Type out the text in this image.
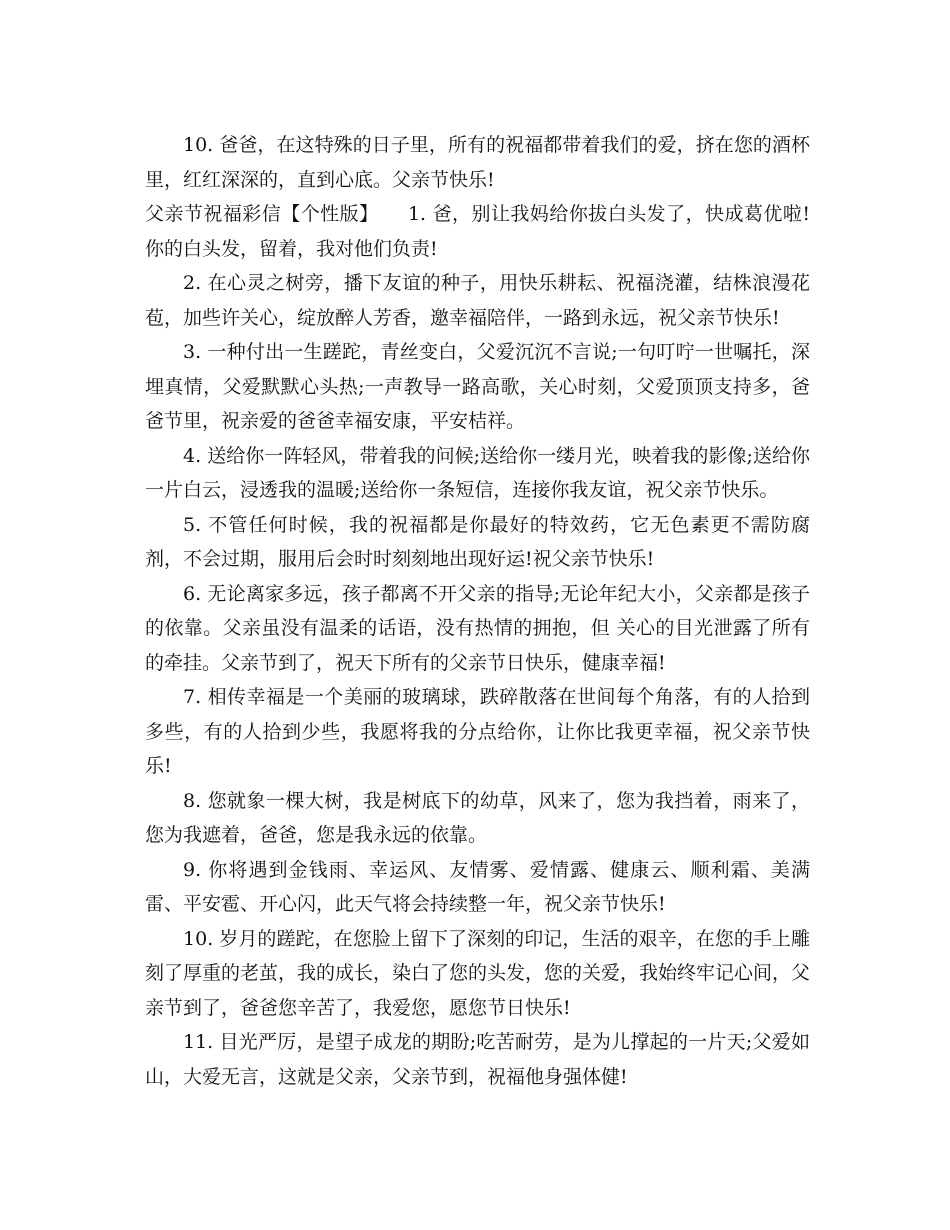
10. 爸爸，在这特殊的日子里，所有的祝福都带着我们的爱，挤在您的酒杯里，红红深深的，直到心底。父亲节快乐!

父亲节祝福彩信【个性版】　　1. 爸，别让我妈给你拔白头发了，快成葛优啦!你的白头发，留着，我对他们负责!

2. 在心灵之树旁，播下友谊的种子，用快乐耕耘、祝福浇灌，结株浪漫花苞，加些许关心，绽放醉人芳香，邀幸福陪伴，一路到永远，祝父亲节快乐!

3. 一种付出一生蹉跎，青丝变白，父爱沉沉不言说;一句叮咛一世嘱托，深埋真情，父爱默默心头热;一声教导一路高歌，关心时刻，父爱顶顶支持多，爸爸节里，祝亲爱的爸爸幸福安康，平安桔祥。

4. 送给你一阵轻风，带着我的问候;送给你一缕月光，映着我的影像;送给你一片白云，浸透我的温暖;送给你一条短信，连接你我友谊，祝父亲节快乐。

5. 不管任何时候，我的祝福都是你最好的特效药，它无色素更不需防腐剂，不会过期，服用后会时时刻刻地出现好运!祝父亲节快乐!

6. 无论离家多远，孩子都离不开父亲的指导;无论年纪大小，父亲都是孩子的依靠。父亲虽没有温柔的话语，没有热情的拥抱，但 关心的目光泄露了所有的牵挂。父亲节到了，祝天下所有的父亲节日快乐，健康幸福!

7. 相传幸福是一个美丽的玻璃球，跌碎散落在世间每个角落，有的人拾到多些，有的人拾到少些，我愿将我的分点给你，让你比我更幸福，祝父亲节快乐!

8. 您就象一棵大树，我是树底下的幼草，风来了，您为我挡着，雨来了，您为我遮着，爸爸，您是我永远的依靠。

9. 你将遇到金钱雨、幸运风、友情雾、爱情露、健康云、顺利霜、美满雷、平安雹、开心闪，此天气将会持续整一年，祝父亲节快乐!

10. 岁月的蹉跎，在您脸上留下了深刻的印记，生活的艰辛，在您的手上雕刻了厚重的老茧，我的成长，染白了您的头发，您的关爱，我始终牢记心间，父亲节到了，爸爸您辛苦了，我爱您，愿您节日快乐!

11. 目光严厉，是望子成龙的期盼;吃苦耐劳，是为儿撑起的一片天;父爱如山，大爱无言，这就是父亲，父亲节到，祝福他身强体健!
